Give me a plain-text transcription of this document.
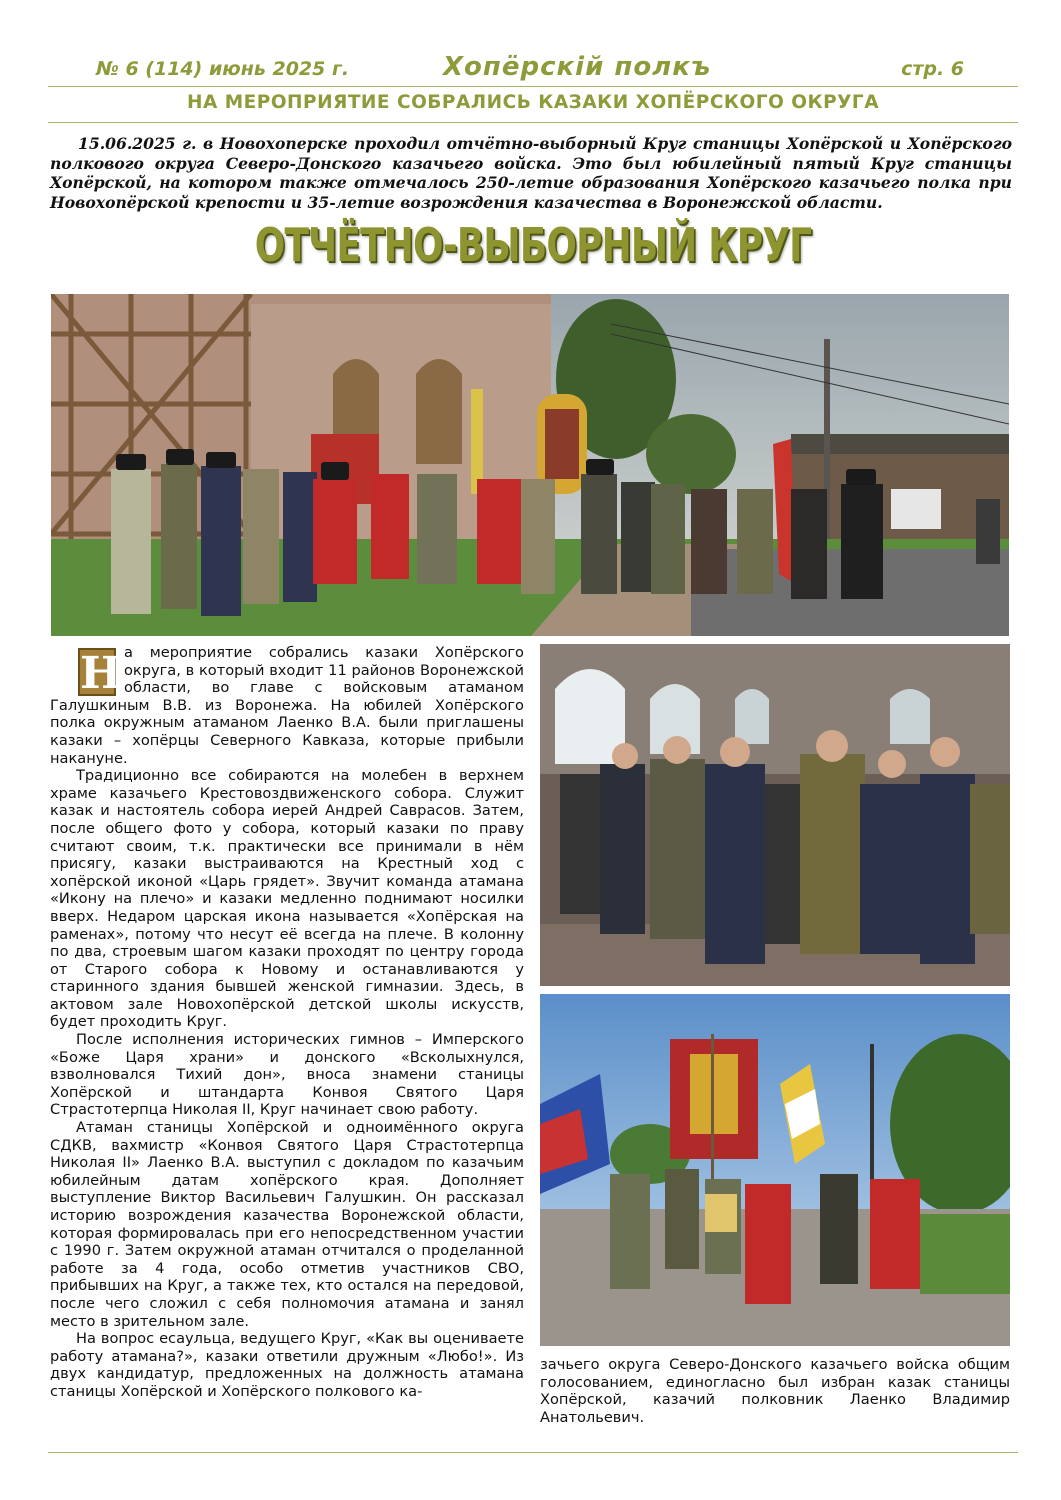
№ 6 (114) июнь 2025 г.	Хопёрскiй полкъ	стр. 6
НА МЕРОПРИЯТИЕ СОБРАЛИСЬ КАЗАКИ ХОПЁРСКОГО ОКРУГА
15.06.2025 г. в Новохоперске проходил отчётно-выборный Круг станицы Хопёрской и Хопёрского полкового округа Северо-Донского казачьего войска. Это был юбилейный пятый Круг станицы Хопёрской, на котором также отмечалось 250-летие образования Хопёрского казачьего полка при Новохопёрской крепости и 35-летие возрождения казачества в Воронежской области.
ОТЧЁТНО-ВЫБОРНЫЙ КРУГ

Н а мероприятие собрались казаки Хопёрского округа, в который входит 11 районов Воронежской области, во главе с войсковым атаманом Галушкиным В.В. из Воронежа. На юбилей Хопёрского полка окружным атаманом Лаенко В.А. были приглашены казаки – хопёрцы Северного Кавказа, которые прибыли накануне.

Традиционно все собираются на молебен в верхнем храме казачьего Крестовоздвиженского собора. Служит казак и настоятель собора иерей Андрей Саврасов. Затем, после общего фото у собора, который казаки по праву считают своим, т.к. практически все принимали в нём присягу, казаки выстраиваются на Крестный ход с хопёрской иконой «Царь грядет». Звучит команда атамана «Икону на плечо» и казаки медленно поднимают носилки вверх. Недаром царская икона называется «Хопёрская на раменах», потому что несут её всегда на плече. В колонну по два, строевым шагом казаки проходят по центру города от Старого собора к Новому и останавливаются у старинного здания бывшей женской гимназии. Здесь, в актовом зале Новохопёрской детской школы искусств, будет проходить Круг.

После исполнения исторических гимнов – Имперского «Боже Царя храни» и донского «Всколыхнулся, взволновался Тихий дон», вноса знамени станицы Хопёрской и штандарта Конвоя Святого Царя Страстотерпца Николая II, Круг начинает свою работу.

Атаман станицы Хопёрской и одноимённого округа СДКВ, вахмистр «Конвоя Святого Царя Страстотерпца Николая II» Лаенко В.А. выступил с докладом по казачьим юбилейным датам хопёрского края. Дополняет выступление Виктор Васильевич Галушкин. Он рассказал историю возрождения казачества Воронежской области, которая формировалась при его непосредственном участии с 1990 г. Затем окружной атаман отчитался о проделанной работе за 4 года, особо отметив участников СВО, прибывших на Круг, а также тех, кто остался на передовой, после чего сложил с себя полномочия атамана и занял место в зрительном зале.

На вопрос есаульца, ведущего Круг, «Как вы оцениваете работу атамана?», казаки ответили дружным «Любо!». Из двух кандидатур, предложенных на должность атамана станицы Хопёрской и Хопёрского полкового ка-

зачьего округа Северо-Донского казачьего войска общим голосованием, единогласно был избран казак станицы Хопёрской, казачий полковник Лаенко Владимир Анатольевич.
